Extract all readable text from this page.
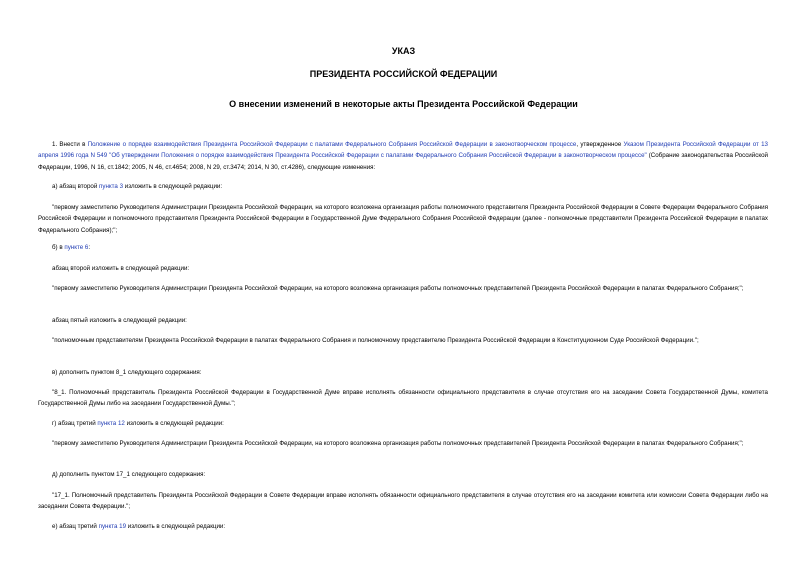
УКАЗ
ПРЕЗИДЕНТА РОССИЙСКОЙ ФЕДЕРАЦИИ
О внесении изменений в некоторые акты Президента Российской Федерации
1. Внести в Положение о порядке взаимодействия Президента Российской Федерации с палатами Федерального Собрания Российской Федерации в законотворческом процессе, утвержденное Указом Президента Российской Федерации от 13 апреля 1996 года N 549 "Об утверждении Положения о порядке взаимодействия Президента Российской Федерации с палатами Федерального Собрания Российской Федерации в законотворческом процессе" (Собрание законодательства Российской Федерации, 1996, N 16, ст.1842; 2005, N 46, ст.4654; 2008, N 29, ст.3474; 2014, N 30, ст.4286), следующие изменения:
а) абзац второй пункта 3 изложить в следующей редакции:
"первому заместителю Руководителя Администрации Президента Российской Федерации, на которого возложена организация работы полномочного представителя Президента Российской Федерации в Совете Федерации Федерального Собрания Российской Федерации и полномочного представителя Президента Российской Федерации в Государственной Думе Федерального Собрания Российской Федерации (далее - полномочные представители Президента Российской Федерации в палатах Федерального Собрания);";
б) в пункте 6:
абзац второй изложить в следующей редакции:
"первому заместителю Руководителя Администрации Президента Российской Федерации, на которого возложена организация работы полномочных представителей Президента Российской Федерации в палатах Федерального Собрания;";
абзац пятый изложить в следующей редакции:
"полномочным представителям Президента Российской Федерации в палатах Федерального Собрания и полномочному представителю Президента Российской Федерации в Конституционном Суде Российской Федерации.";
в) дополнить пунктом 8_1 следующего содержания:
"8_1. Полномочный представитель Президента Российской Федерации в Государственной Думе вправе исполнять обязанности официального представителя в случае отсутствия его на заседании Совета Государственной Думы, комитета Государственной Думы либо на заседании Государственной Думы.";
г) абзац третий пункта 12 изложить в следующей редакции:
"первому заместителю Руководителя Администрации Президента Российской Федерации, на которого возложена организация работы полномочных представителей Президента Российской Федерации в палатах Федерального Собрания;";
д) дополнить пунктом 17_1 следующего содержания:
"17_1. Полномочный представитель Президента Российской Федерации в Совете Федерации вправе исполнять обязанности официального представителя в случае отсутствия его на заседании комитета или комиссии Совета Федерации либо на заседании Совета Федерации.";
е) абзац третий пункта 19 изложить в следующей редакции:
